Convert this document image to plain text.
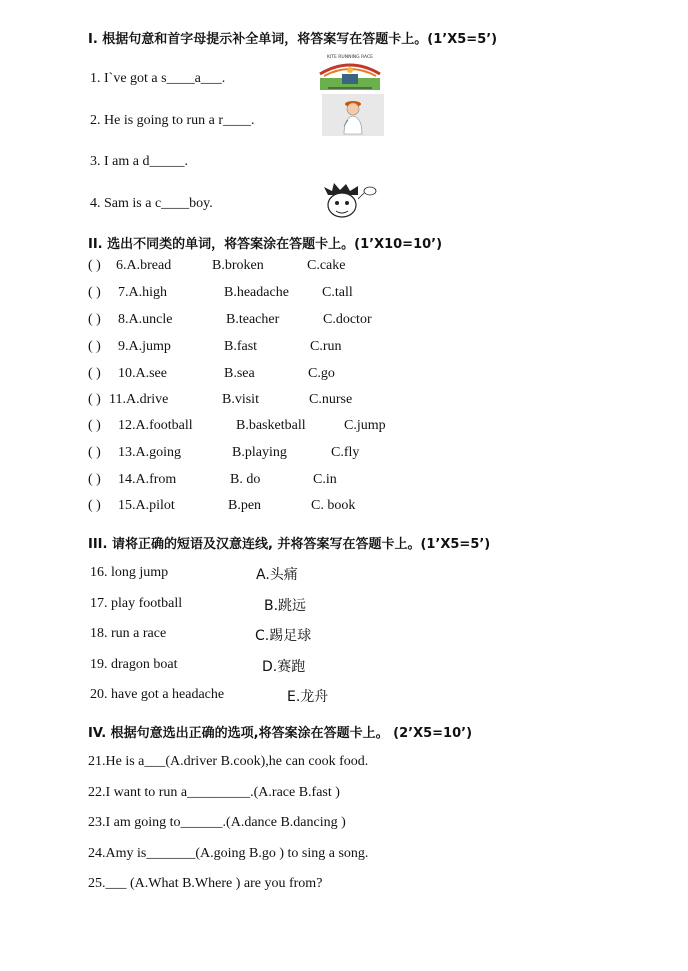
I. 根据句意和首字母提示补全单词，将答案写在答题卡上。(1’X5=5’)
1. I`ve got a s____a___.
2. He is going to run a r____.
3. I am a d_____.
4. Sam is a c____boy.
KITE RUNNING RACE
II. 选出不同类的单词，将答案涂在答题卡上。(1’X10=10’)
( ) 6.A.bread	B.broken	C.cake
( ) 7.A.high	B.headache C.tall
( ) 8.A.uncle	B.teacher	C.doctor
( ) 9.A.jump	B.fast	C.run
( ) 10.A.see	B.sea	C.go
( ) 11.A.drive	B.visit	C.nurse
( ) 12.A.football	B.basketball	C.jump
( ) 13.A.going	B.playing	C.fly
( ) 14.A.from	B. do	C.in
( ) 15.A.pilot	B.pen	C. book
III. 请将正确的短语及汉意连线, 并将答案写在答题卡上。(1’X5=5’)
16. long jump	A.头痛
17. play football	B.跳远
18. run a race	C.踢足球
19. dragon boat	D.赛跑
20. have got a headache	E.龙舟
IV. 根据句意选出正确的选项,将答案涂在答题卡上。 (2’X5=10’)
21.He is a___(A.driver B.cook),he can cook food.
22.I want to run a_________.(A.race B.fast )
23.I am going to______.(A.dance B.dancing )
24.Amy is_______(A.going B.go ) to sing a song.
25.___ (A.What B.Where ) are you from?
